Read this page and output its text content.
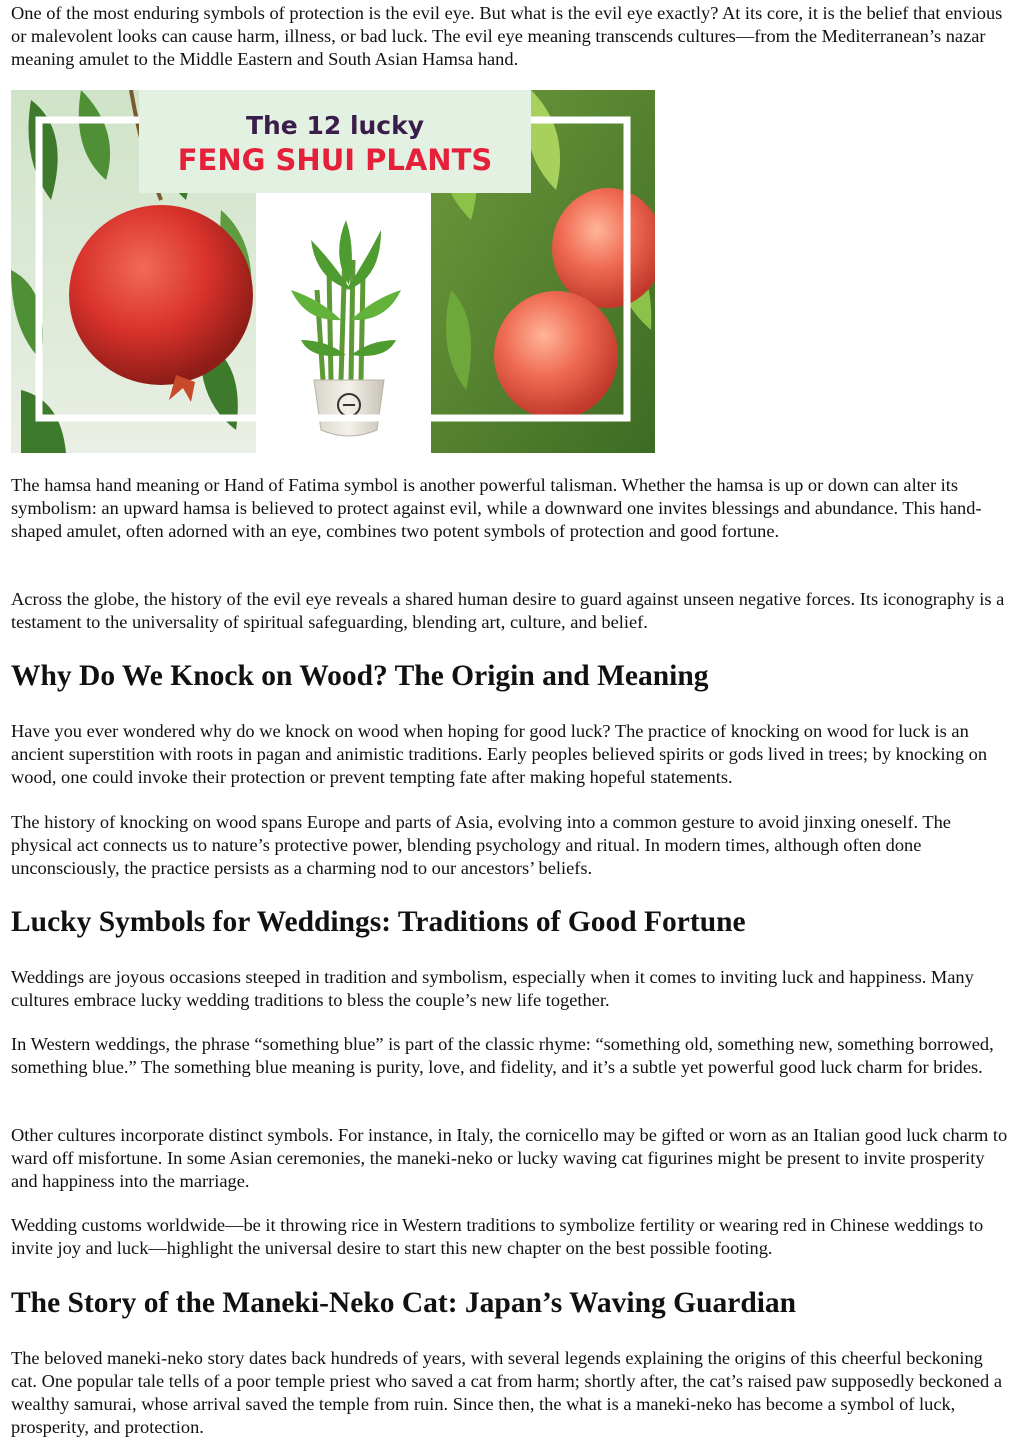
One of the most enduring symbols of protection is the evil eye. But what is the evil eye exactly? At its core, it is the belief that envious or malevolent looks can cause harm, illness, or bad luck. The evil eye meaning transcends cultures—from the Mediterranean’s nazar meaning amulet to the Middle Eastern and South Asian Hamsa hand.

The 12 lucky
FENG SHUI PLANTS

The hamsa hand meaning or Hand of Fatima symbol is another powerful talisman. Whether the hamsa is up or down can alter its symbolism: an upward hamsa is believed to protect against evil, while a downward one invites blessings and abundance. This hand-shaped amulet, often adorned with an eye, combines two potent symbols of protection and good fortune.

Across the globe, the history of the evil eye reveals a shared human desire to guard against unseen negative forces. Its iconography is a testament to the universality of spiritual safeguarding, blending art, culture, and belief.

Why Do We Knock on Wood? The Origin and Meaning

Have you ever wondered why do we knock on wood when hoping for good luck? The practice of knocking on wood for luck is an ancient superstition with roots in pagan and animistic traditions. Early peoples believed spirits or gods lived in trees; by knocking on wood, one could invoke their protection or prevent tempting fate after making hopeful statements.

The history of knocking on wood spans Europe and parts of Asia, evolving into a common gesture to avoid jinxing oneself. The physical act connects us to nature’s protective power, blending psychology and ritual. In modern times, although often done unconsciously, the practice persists as a charming nod to our ancestors’ beliefs.

Lucky Symbols for Weddings: Traditions of Good Fortune

Weddings are joyous occasions steeped in tradition and symbolism, especially when it comes to inviting luck and happiness. Many cultures embrace lucky wedding traditions to bless the couple’s new life together.

In Western weddings, the phrase “something blue” is part of the classic rhyme: “something old, something new, something borrowed, something blue.” The something blue meaning is purity, love, and fidelity, and it’s a subtle yet powerful good luck charm for brides.

Other cultures incorporate distinct symbols. For instance, in Italy, the cornicello may be gifted or worn as an Italian good luck charm to ward off misfortune. In some Asian ceremonies, the maneki-neko or lucky waving cat figurines might be present to invite prosperity and happiness into the marriage.

Wedding customs worldwide—be it throwing rice in Western traditions to symbolize fertility or wearing red in Chinese weddings to invite joy and luck—highlight the universal desire to start this new chapter on the best possible footing.

The Story of the Maneki-Neko Cat: Japan’s Waving Guardian

The beloved maneki-neko story dates back hundreds of years, with several legends explaining the origins of this cheerful beckoning cat. One popular tale tells of a poor temple priest who saved a cat from harm; shortly after, the cat’s raised paw supposedly beckoned a wealthy samurai, whose arrival saved the temple from ruin. Since then, the what is a maneki-neko has become a symbol of luck, prosperity, and protection.
